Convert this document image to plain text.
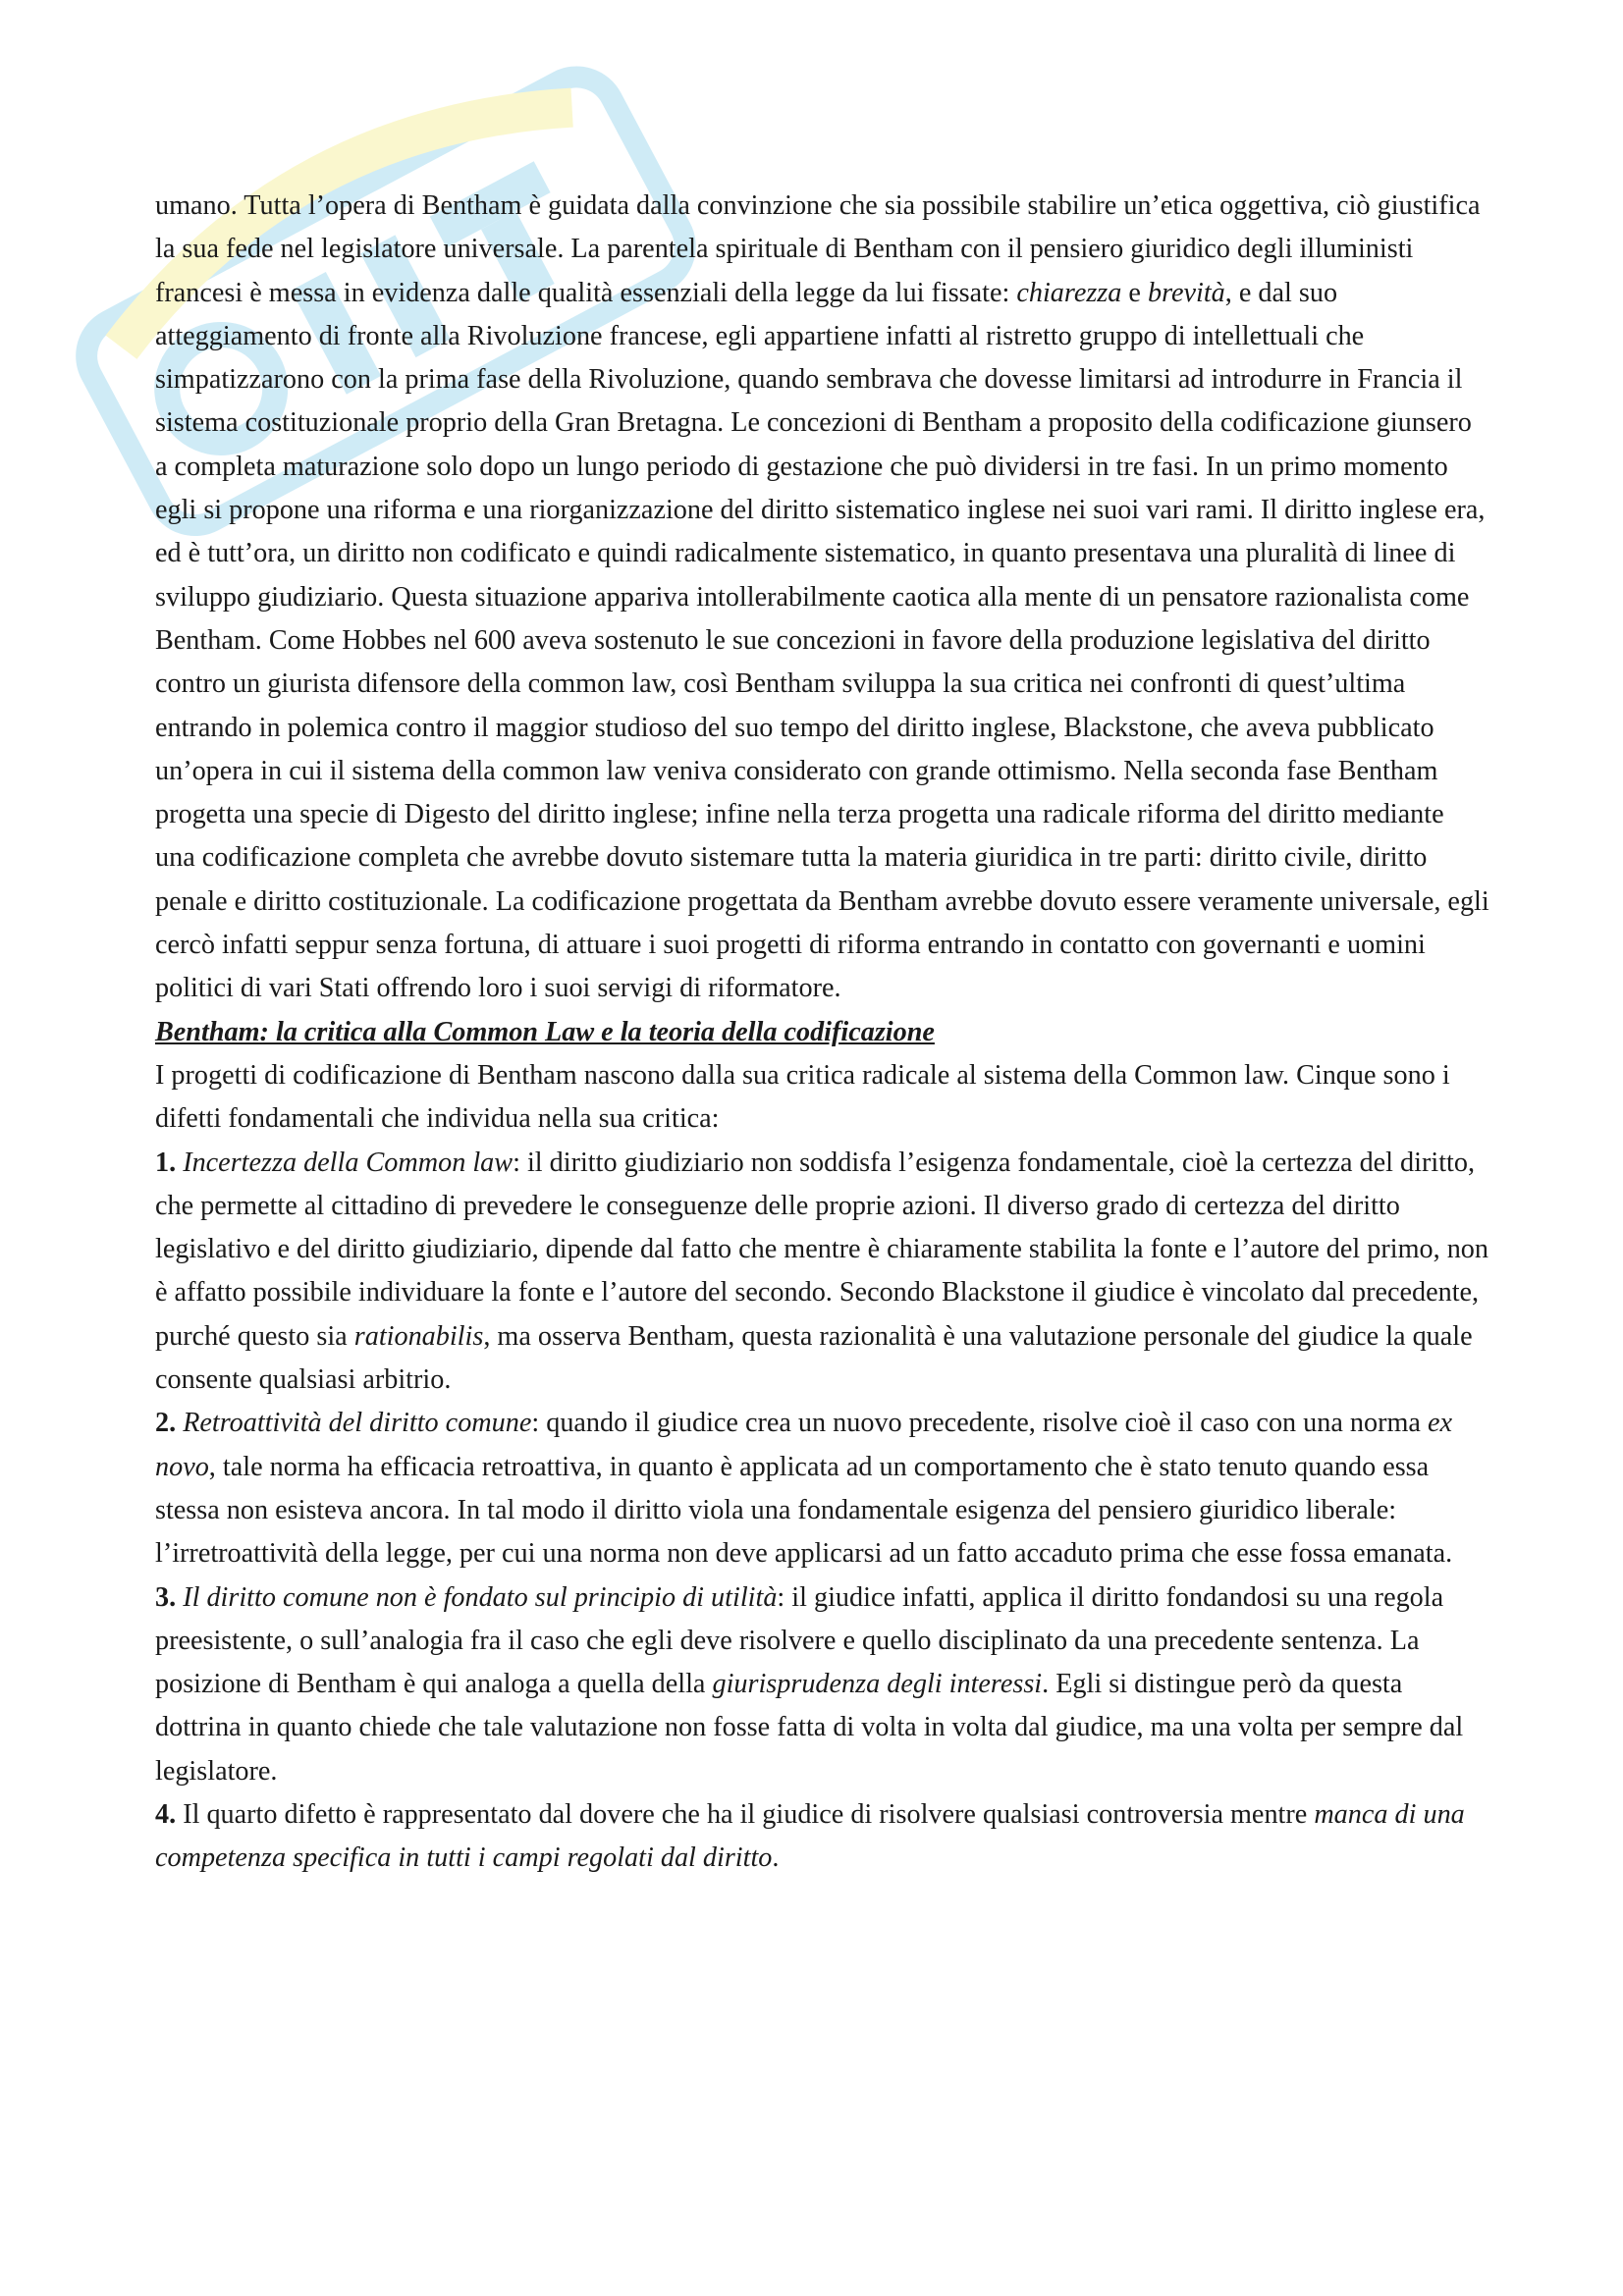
umano. Tutta l’opera di Bentham è guidata dalla convinzione che sia possibile stabilire un’etica oggettiva, ciò giustifica la sua fede nel legislatore universale. La parentela spirituale di Bentham con il pensiero giuridico degli illuministi francesi è messa in evidenza dalle qualità essenziali della legge da lui fissate: chiarezza e brevità, e dal suo atteggiamento di fronte alla Rivoluzione francese, egli appartiene infatti al ristretto gruppo di intellettuali che simpatizzarono con la prima fase della Rivoluzione, quando sembrava che dovesse limitarsi ad introdurre in Francia il sistema costituzionale proprio della Gran Bretagna. Le concezioni di Bentham a proposito della codificazione giunsero a completa maturazione solo dopo un lungo periodo di gestazione che può dividersi in tre fasi. In un primo momento egli si propone una riforma e una riorganizzazione del diritto sistematico inglese nei suoi vari rami. Il diritto inglese era, ed è tutt’ora, un diritto non codificato e quindi radicalmente sistematico, in quanto presentava una pluralità di linee di sviluppo giudiziario. Questa situazione appariva intollerabilmente caotica alla mente di un pensatore razionalista come Bentham. Come Hobbes nel 600 aveva sostenuto le sue concezioni in favore della produzione legislativa del diritto contro un giurista difensore della common law, così Bentham sviluppa la sua critica nei confronti di quest’ultima entrando in polemica contro il maggior studioso del suo tempo del diritto inglese, Blackstone, che aveva pubblicato un’opera in cui il sistema della common law veniva considerato con grande ottimismo. Nella seconda fase Bentham progetta una specie di Digesto del diritto inglese; infine nella terza progetta una radicale riforma del diritto mediante una codificazione completa che avrebbe dovuto sistemare tutta la materia giuridica in tre parti: diritto civile, diritto penale e diritto costituzionale. La codificazione progettata da Bentham avrebbe dovuto essere veramente universale, egli cercò infatti seppur senza fortuna, di attuare i suoi progetti di riforma entrando in contatto con governanti e uomini politici di vari Stati offrendo loro i suoi servigi di riformatore.

Bentham: la critica alla Common Law e la teoria della codificazione

I progetti di codificazione di Bentham nascono dalla sua critica radicale al sistema della Common law. Cinque sono i difetti fondamentali che individua nella sua critica:

1. Incertezza della Common law: il diritto giudiziario non soddisfa l’esigenza fondamentale, cioè la certezza del diritto, che permette al cittadino di prevedere le conseguenze delle proprie azioni. Il diverso grado di certezza del diritto legislativo e del diritto giudiziario, dipende dal fatto che mentre è chiaramente stabilita la fonte e l’autore del primo, non è affatto possibile individuare la fonte e l’autore del secondo. Secondo Blackstone il giudice è vincolato dal precedente, purché questo sia rationabilis, ma osserva Bentham, questa razionalità è una valutazione personale del giudice la quale consente qualsiasi arbitrio.

2. Retroattività del diritto comune: quando il giudice crea un nuovo precedente, risolve cioè il caso con una norma ex novo, tale norma ha efficacia retroattiva, in quanto è applicata ad un comportamento che è stato tenuto quando essa stessa non esisteva ancora. In tal modo il diritto viola una fondamentale esigenza del pensiero giuridico liberale: l’irretroattività della legge, per cui una norma non deve applicarsi ad un fatto accaduto prima che esse fossa emanata.

3. Il diritto comune non è fondato sul principio di utilità: il giudice infatti, applica il diritto fondandosi su una regola preesistente, o sull’analogia fra il caso che egli deve risolvere e quello disciplinato da una precedente sentenza. La posizione di Bentham è qui analoga a quella della giurisprudenza degli interessi. Egli si distingue però da questa dottrina in quanto chiede che tale valutazione non fosse fatta di volta in volta dal giudice, ma una volta per sempre dal legislatore.

4. Il quarto difetto è rappresentato dal dovere che ha il giudice di risolvere qualsiasi controversia mentre manca di una competenza specifica in tutti i campi regolati dal diritto.
